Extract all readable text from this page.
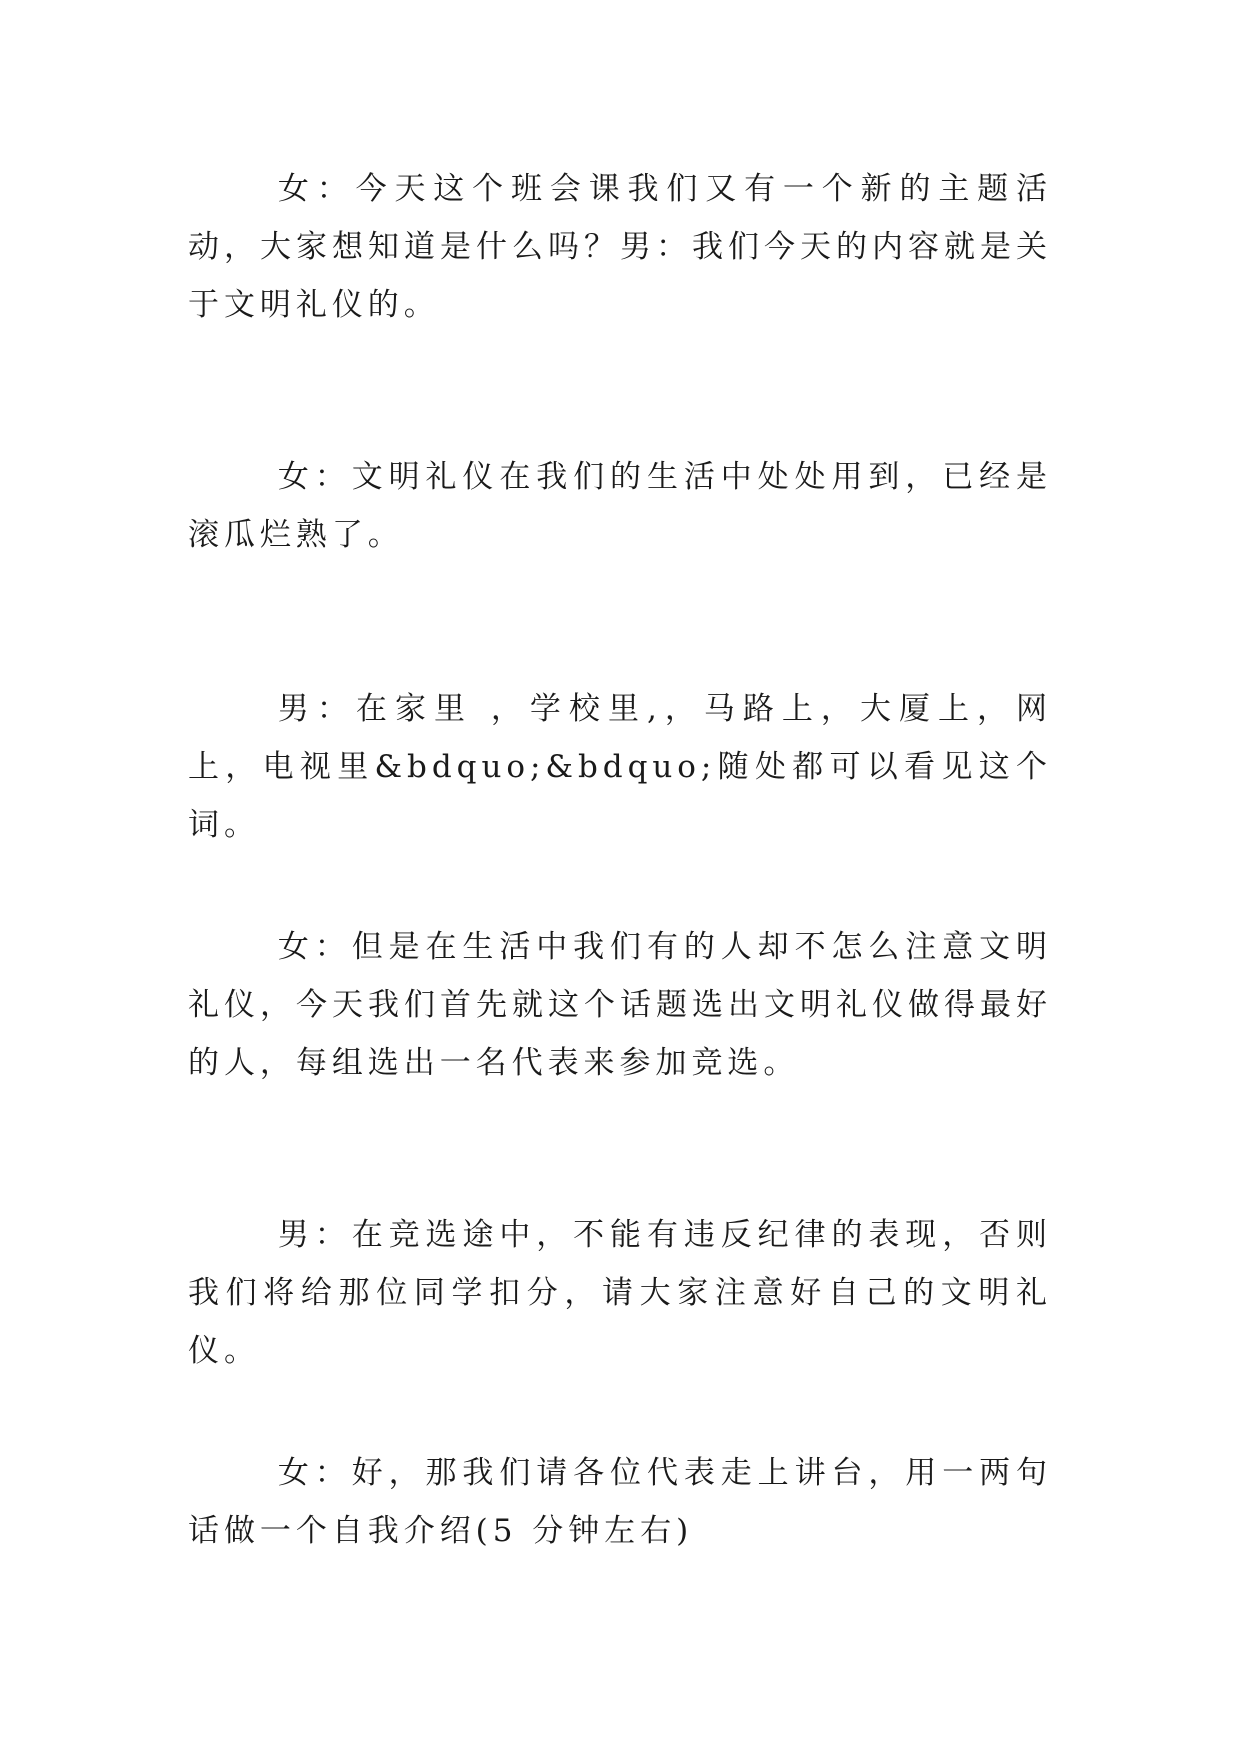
女：今天这个班会课我们又有一个新的主题活动，大家想知道是什么吗？男：我们今天的内容就是关于文明礼仪的。

女：文明礼仪在我们的生活中处处用到，已经是滚瓜烂熟了。

男：在家里 ，学校里,，马路上，大厦上，网上，电视里&bdquo;&bdquo;随处都可以看见这个词。

女：但是在生活中我们有的人却不怎么注意文明礼仪，今天我们首先就这个话题选出文明礼仪做得最好的人，每组选出一名代表来参加竞选。

男：在竞选途中，不能有违反纪律的表现，否则我们将给那位同学扣分，请大家注意好自己的文明礼仪。

女：好，那我们请各位代表走上讲台，用一两句话做一个自我介绍(5 分钟左右)
